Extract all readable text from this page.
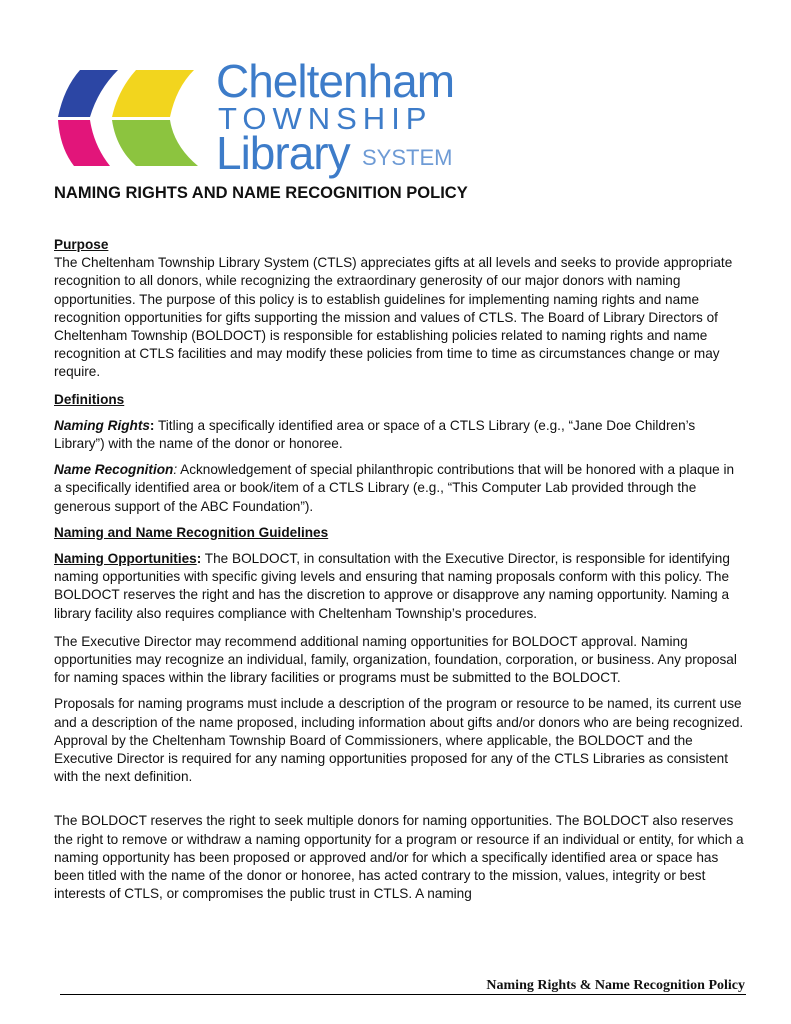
Cheltenham
TOWNSHIP
Library SYSTEM
NAMING RIGHTS AND NAME RECOGNITION POLICY

Purpose

The Cheltenham Township Library System (CTLS) appreciates gifts at all levels and seeks to provide appropriate recognition to all donors, while recognizing the extraordinary generosity of our major donors with naming opportunities. The purpose of this policy is to establish guidelines for implementing naming rights and name recognition opportunities for gifts supporting the mission and values of CTLS. The Board of Library Directors of Cheltenham Township (BOLDOCT) is responsible for establishing policies related to naming rights and name recognition at CTLS facilities and may modify these policies from time to time as circumstances change or may require.

Definitions

Naming Rights: Titling a specifically identified area or space of a CTLS Library (e.g., “Jane Doe Children’s Library”) with the name of the donor or honoree.

Name Recognition: Acknowledgement of special philanthropic contributions that will be honored with a plaque in a specifically identified area or book/item of a CTLS Library (e.g., “This Computer Lab provided through the generous support of the ABC Foundation”).

Naming and Name Recognition Guidelines

Naming Opportunities: The BOLDOCT, in consultation with the Executive Director, is responsible for identifying naming opportunities with specific giving levels and ensuring that naming proposals conform with this policy. The BOLDOCT reserves the right and has the discretion to approve or disapprove any naming opportunity. Naming a library facility also requires compliance with Cheltenham Township’s procedures.

The Executive Director may recommend additional naming opportunities for BOLDOCT approval. Naming opportunities may recognize an individual, family, organization, foundation, corporation, or business. Any proposal for naming spaces within the library facilities or programs must be submitted to the BOLDOCT.

Proposals for naming programs must include a description of the program or resource to be named, its current use and a description of the name proposed, including information about gifts and/or donors who are being recognized. Approval by the Cheltenham Township Board of Commissioners, where applicable, the BOLDOCT and the Executive Director is required for any naming opportunities proposed for any of the CTLS Libraries as consistent with the next definition.

The BOLDOCT reserves the right to seek multiple donors for naming opportunities. The BOLDOCT also reserves the right to remove or withdraw a naming opportunity for a program or resource if an individual or entity, for which a naming opportunity has been proposed or approved and/or for which a specifically identified area or space has been titled with the name of the donor or honoree, has acted contrary to the mission, values, integrity or best interests of CTLS, or compromises the public trust in CTLS. A naming

Naming Rights & Name Recognition Policy
